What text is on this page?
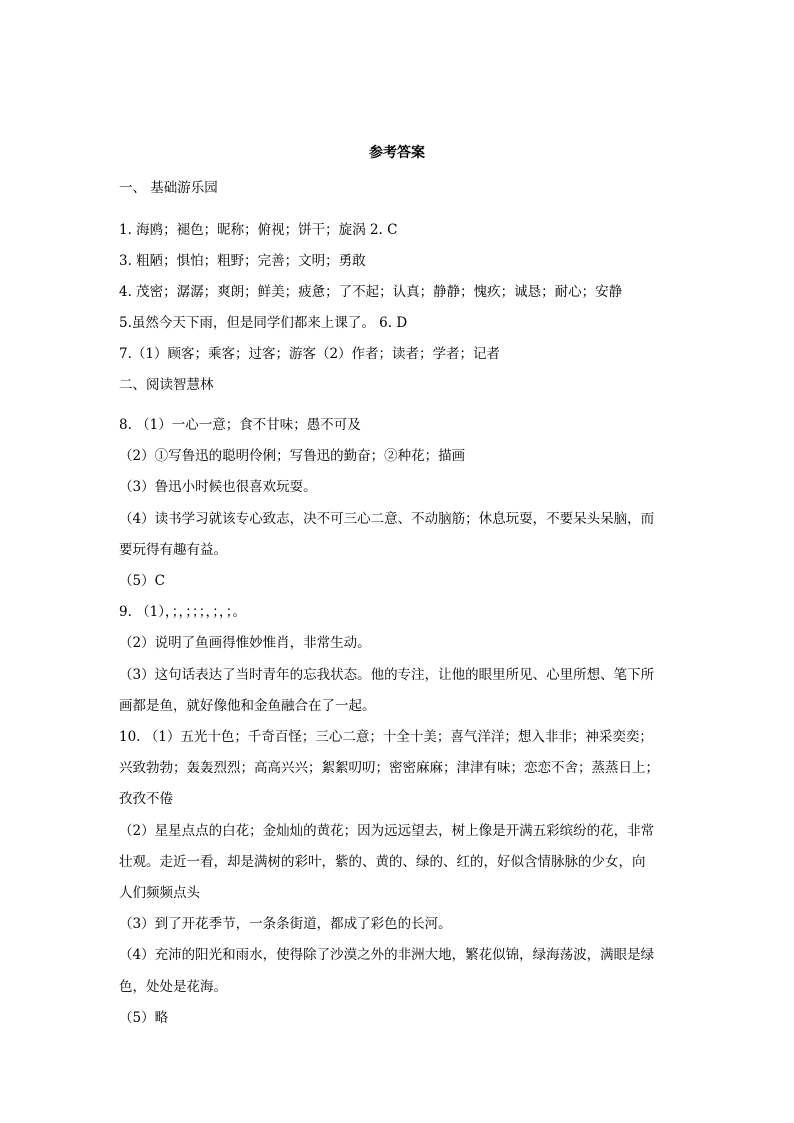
参考答案
一、 基础游乐园
1. 海鸥；褪色；昵称；俯视；饼干；旋涡 2. C
3. 粗陋；惧怕；粗野；完善；文明；勇敢
4. 茂密；潺潺；爽朗；鲜美；疲惫；了不起；认真；静静；愧疚；诚恳；耐心；安静
5.虽然今天下雨，但是同学们都来上课了。 6. D
7.（1）顾客；乘客；过客；游客（2）作者；读者；学者；记者
二、阅读智慧林
8. （1）一心一意；食不甘味；愚不可及
（2）①写鲁迅的聪明伶俐；写鲁迅的勤奋；②种花；描画
（3）鲁迅小时候也很喜欢玩耍。
（4）读书学习就该专心致志，决不可三心二意、不动脑筋；休息玩耍，不要呆头呆脑，而
要玩得有趣有益。
（5）C
9. （1），；，；；；，；，；。
（2）说明了鱼画得惟妙惟肖，非常生动。
（3）这句话表达了当时青年的忘我状态。他的专注，让他的眼里所见、心里所想、笔下所
画都是鱼，就好像他和金鱼融合在了一起。
10. （1）五光十色；千奇百怪；三心二意；十全十美；喜气洋洋；想入非非；神采奕奕；
兴致勃勃；轰轰烈烈；高高兴兴；絮絮叨叨；密密麻麻；津津有味；恋恋不舍；蒸蒸日上；
孜孜不倦
（2）星星点点的白花；金灿灿的黄花；因为远远望去，树上像是开满五彩缤纷的花，非常
壮观。走近一看，却是满树的彩叶，紫的、黄的、绿的、红的，好似含情脉脉的少女，向
人们频频点头
（3）到了开花季节，一条条街道，都成了彩色的长河。
（4）充沛的阳光和雨水，使得除了沙漠之外的非洲大地，繁花似锦，绿海荡波，满眼是绿
色，处处是花海。
（5）略
